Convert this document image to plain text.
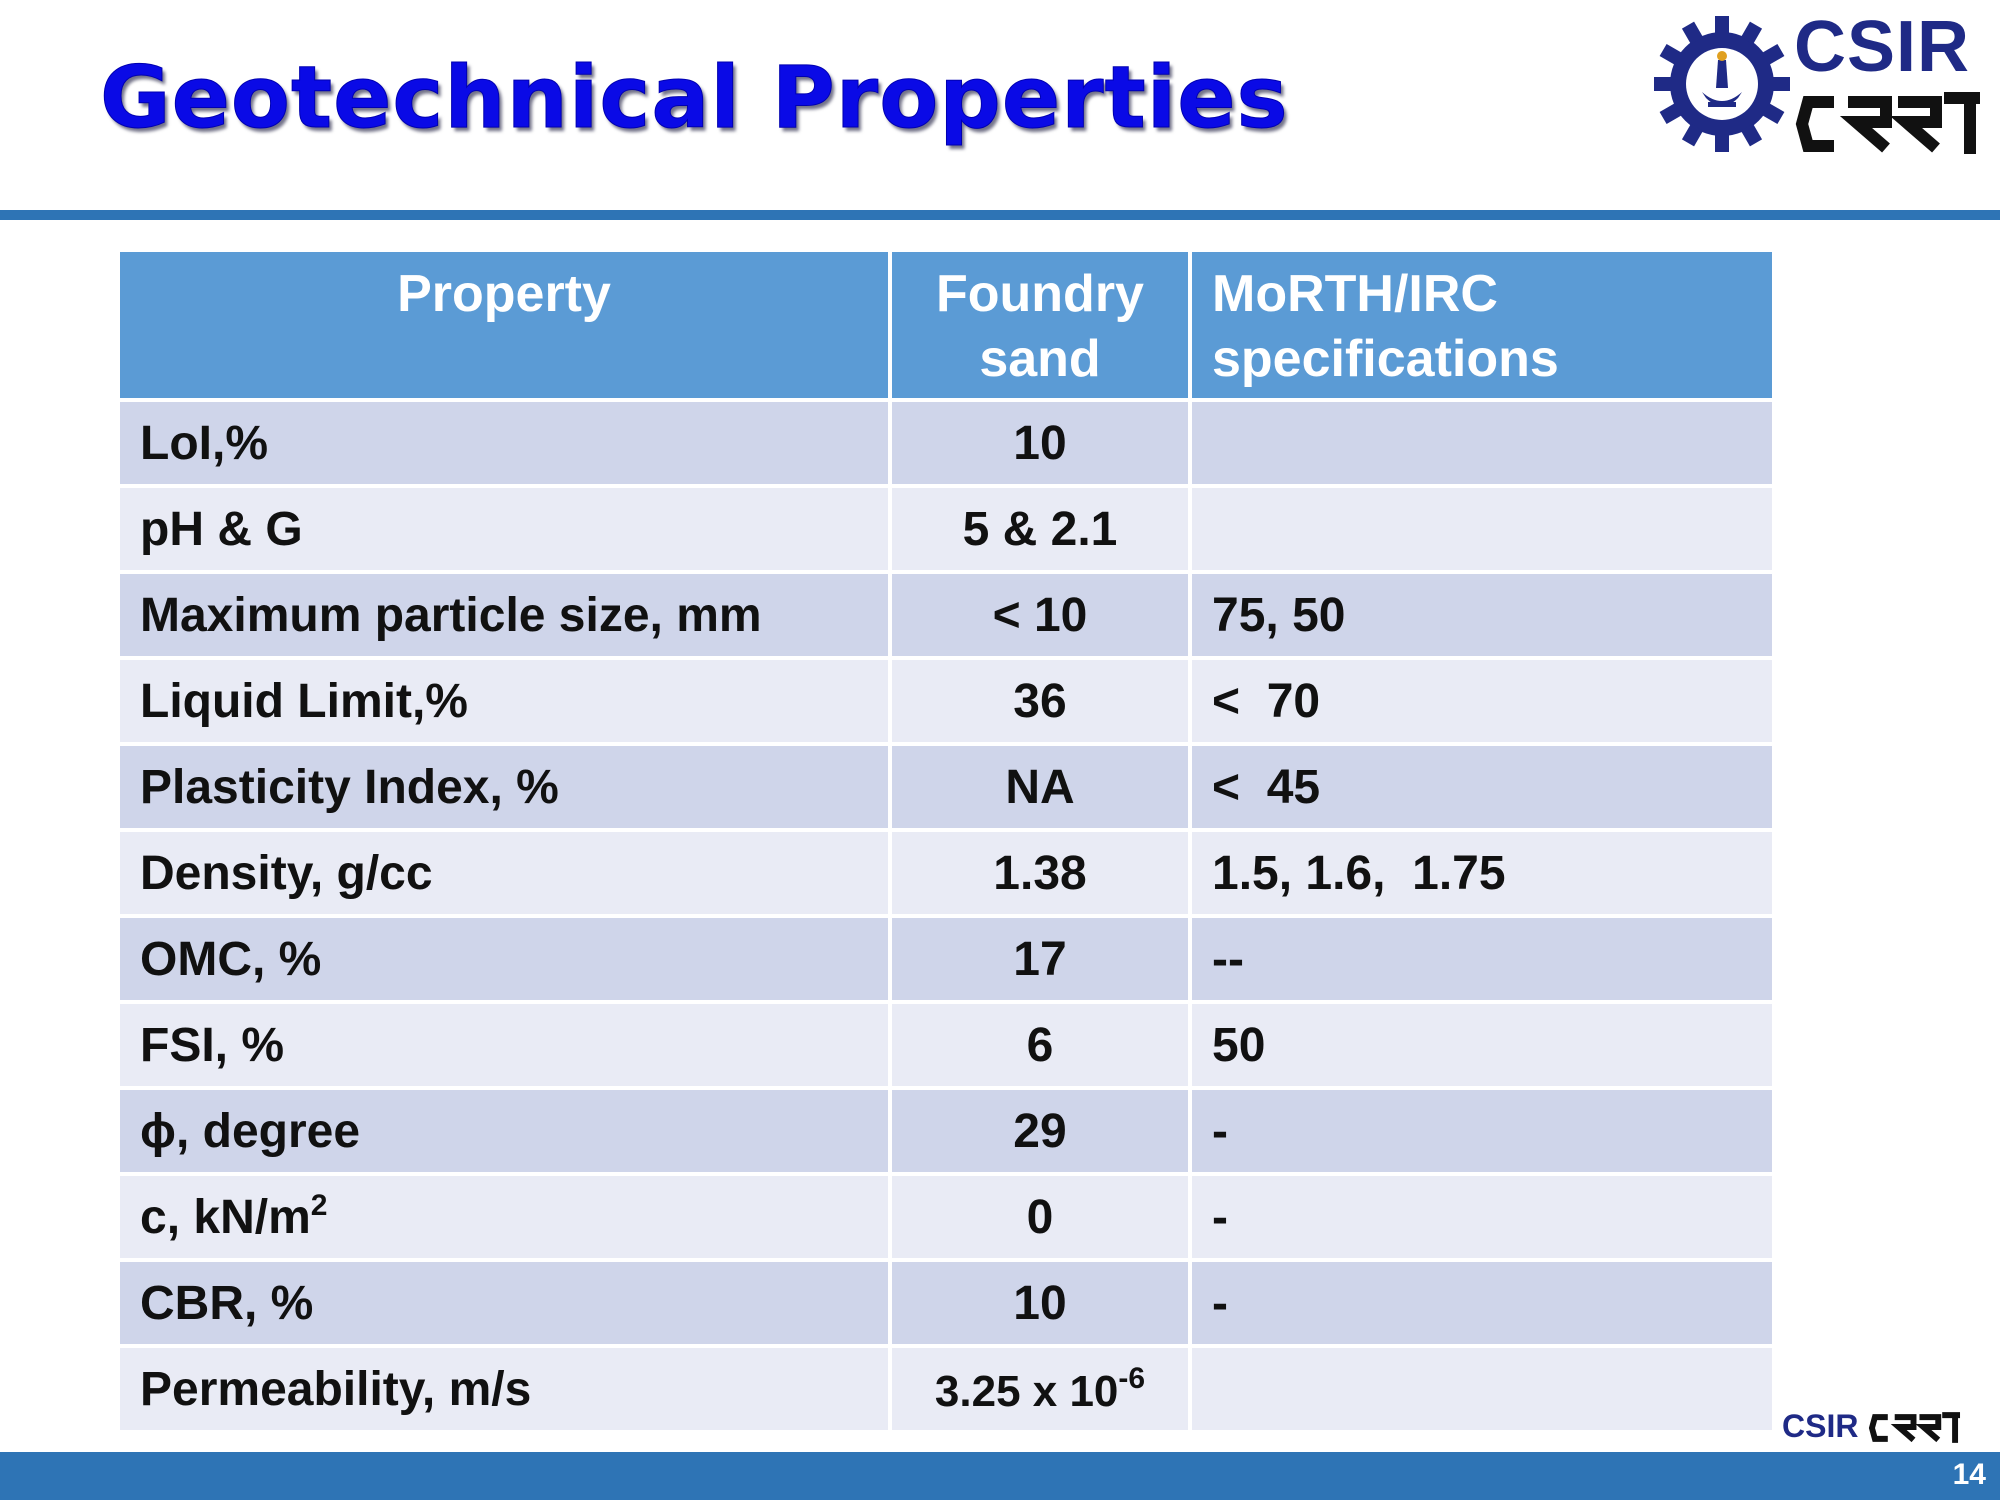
Geotechnical Properties
CSIR
Property	Foundry sand	MoRTH/IRC specifications
LoI,%	10	
pH & G	5 & 2.1	
Maximum particle size, mm	< 10	75, 50
Liquid Limit,%	36	<  70
Plasticity Index, %	NA	<  45
Density, g/cc	1.38	1.5, 1.6,  1.75
OMC, %	17	--
FSI, %	6	50
ϕ, degree	29	-
c, $kN/m^2$	0	-
CBR, %	10	-
Permeability, m/s	3.25 x $10^{-6}$	
CSIR
14
